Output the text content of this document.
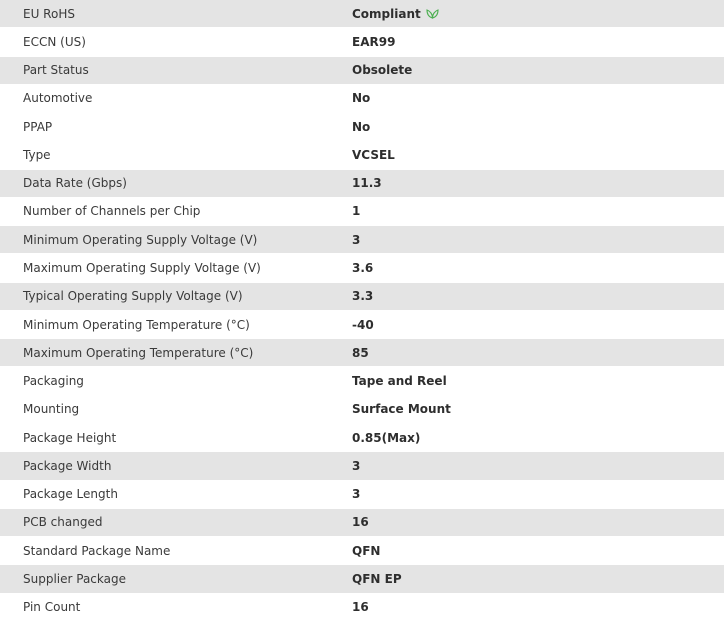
EU RoHS	Compliant
ECCN (US)	EAR99
Part Status	Obsolete
Automotive	No
PPAP	No
Type	VCSEL
Data Rate (Gbps)	11.3
Number of Channels per Chip	1
Minimum Operating Supply Voltage (V)	3
Maximum Operating Supply Voltage (V)	3.6
Typical Operating Supply Voltage (V)	3.3
Minimum Operating Temperature (°C)	-40
Maximum Operating Temperature (°C)	85
Packaging	Tape and Reel
Mounting	Surface Mount
Package Height	0.85(Max)
Package Width	3
Package Length	3
PCB changed	16
Standard Package Name	QFN
Supplier Package	QFN EP
Pin Count	16
